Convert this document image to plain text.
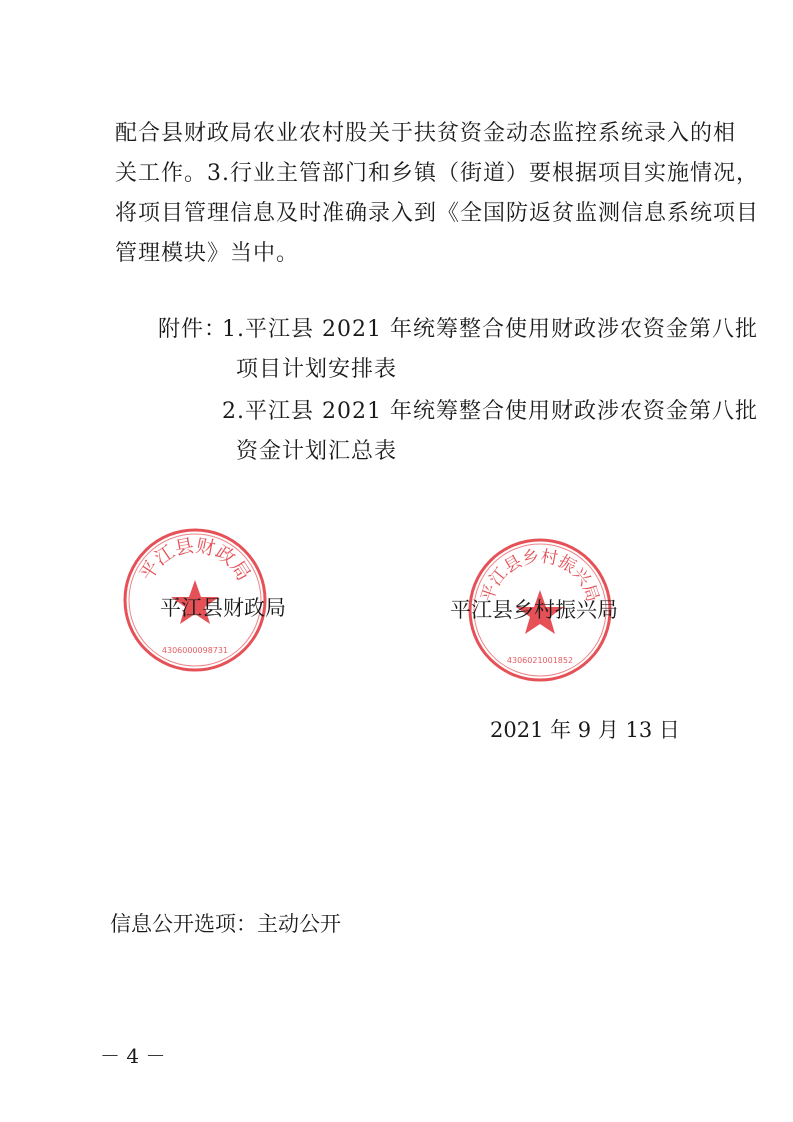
配合县财政局农业农村股关于扶贫资金动态监控系统录入的相
关工作。3.行业主管部门和乡镇（街道）要根据项目实施情况，
将项目管理信息及时准确录入到《全国防返贫监测信息系统项目
管理模块》当中。
附件：
1.平江县 2021 年统筹整合使用财政涉农资金第八批
项目计划安排表
2.平江县 2021 年统筹整合使用财政涉农资金第八批
资金计划汇总表
平江县财政局
4306000098731
平江县乡村振兴局
4306021001852
平江县财政局	平江县乡村振兴局
2021 年 9 月 13 日
信息公开选项：主动公开
－ 4 －
